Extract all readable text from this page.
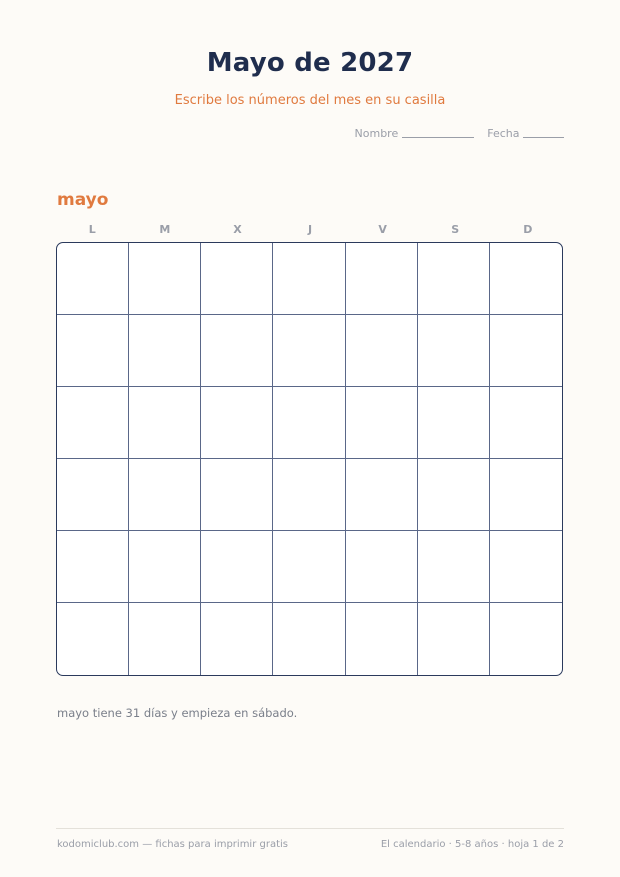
Mayo de 2027
Escribe los números del mes en su casilla
Nombre	Fecha
mayo
L	M	X	J	V	S	D
mayo tiene 31 días y empieza en sábado.
kodomiclub.com — fichas para imprimir gratis	El calendario · 5-8 años · hoja 1 de 2
